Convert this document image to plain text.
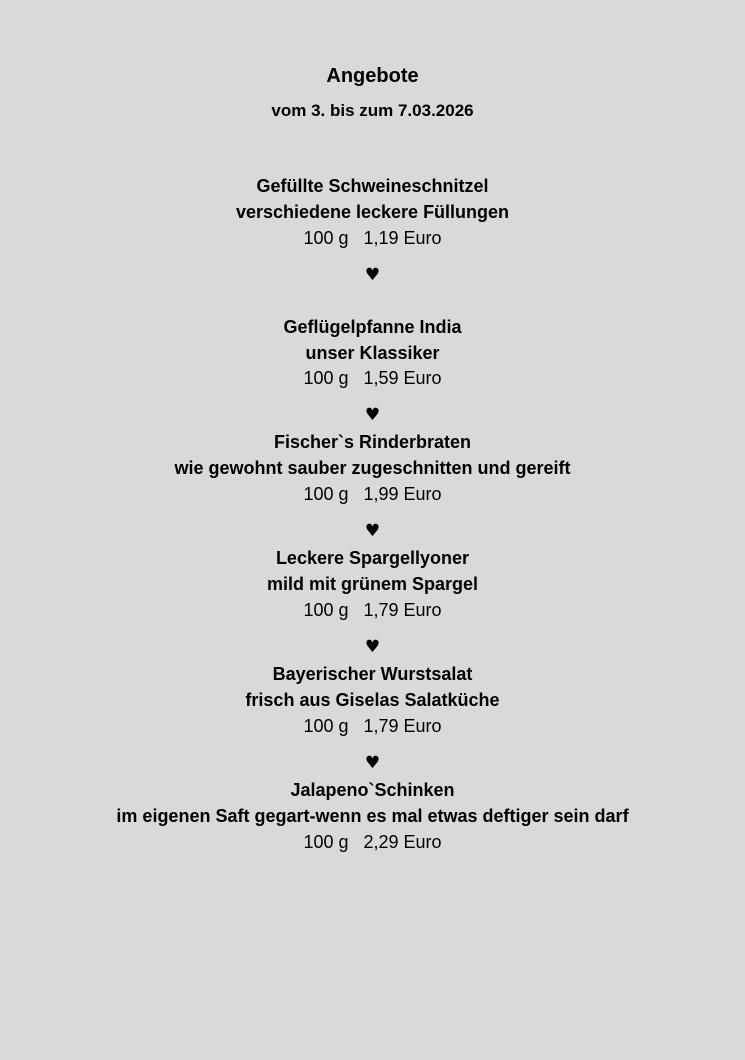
Angebote
vom 3. bis zum 7.03.2026
Gefüllte Schweineschnitzel
verschiedene leckere Füllungen
100 g   1,19 Euro
♥
Geflügelpfanne India
unser Klassiker
100 g   1,59 Euro
♥
Fischer`s Rinderbraten
wie gewohnt sauber zugeschnitten und gereift
100 g   1,99 Euro
♥
Leckere Spargellyoner
mild mit grünem Spargel
100 g   1,79 Euro
♥
Bayerischer Wurstsalat
frisch aus Giselas Salatküche
100 g   1,79 Euro
♥
Jalapeno`Schinken
im eigenen Saft gegart-wenn es mal etwas deftiger sein darf
100 g   2,29 Euro
